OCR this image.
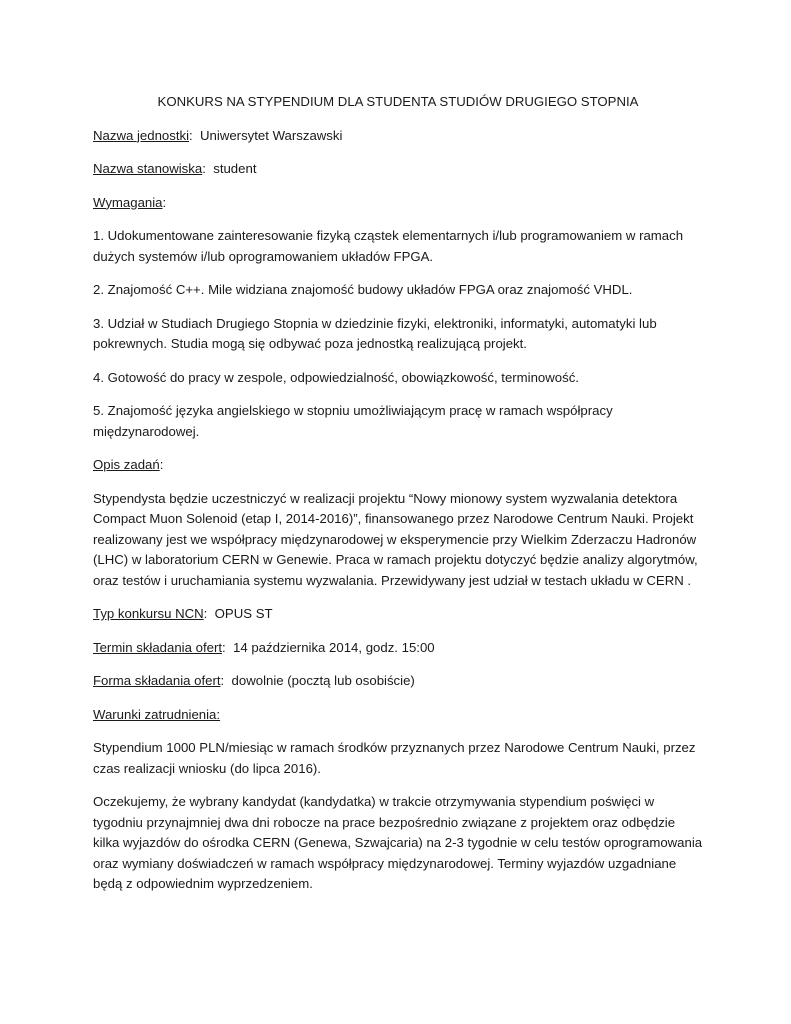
KONKURS NA STYPENDIUM DLA STUDENTA STUDIÓW DRUGIEGO STOPNIA

Nazwa jednostki:  Uniwersytet Warszawski

Nazwa stanowiska:  student

Wymagania:

1. Udokumentowane zainteresowanie fizyką cząstek elementarnych i/lub programowaniem w ramach dużych systemów i/lub oprogramowaniem układów FPGA.

2. Znajomość C++. Mile widziana znajomość budowy układów FPGA oraz znajomość VHDL.

3. Udział w Studiach Drugiego Stopnia w dziedzinie fizyki, elektroniki, informatyki, automatyki lub pokrewnych. Studia mogą się odbywać poza jednostką realizującą projekt.

4. Gotowość do pracy w zespole, odpowiedzialność, obowiązkowość, terminowość.

5. Znajomość języka angielskiego w stopniu umożliwiającym pracę w ramach współpracy międzynarodowej.

Opis zadań:

Stypendysta będzie uczestniczyć w realizacji projektu “Nowy mionowy system wyzwalania detektora Compact Muon Solenoid (etap I, 2014-2016)”, finansowanego przez Narodowe Centrum Nauki. Projekt realizowany jest we współpracy międzynarodowej w eksperymencie przy Wielkim Zderzaczu Hadronów (LHC) w laboratorium CERN w Genewie. Praca w ramach projektu dotyczyć będzie analizy algorytmów, oraz testów i uruchamiania systemu wyzwalania. Przewidywany jest udział w testach układu w CERN .

Typ konkursu NCN:  OPUS ST

Termin składania ofert:  14 października 2014, godz. 15:00

Forma składania ofert:  dowolnie (pocztą lub osobiście)

Warunki zatrudnienia:

Stypendium 1000 PLN/miesiąc w ramach środków przyznanych przez Narodowe Centrum Nauki, przez czas realizacji wniosku (do lipca 2016).

Oczekujemy, że wybrany kandydat (kandydatka) w trakcie otrzymywania stypendium poświęci w tygodniu przynajmniej dwa dni robocze na prace bezpośrednio związane z projektem oraz odbędzie kilka wyjazdów do ośrodka CERN (Genewa, Szwajcaria) na 2-3 tygodnie w celu testów oprogramowania oraz wymiany doświadczeń w ramach współpracy międzynarodowej. Terminy wyjazdów uzgadniane będą z odpowiednim wyprzedzeniem.
